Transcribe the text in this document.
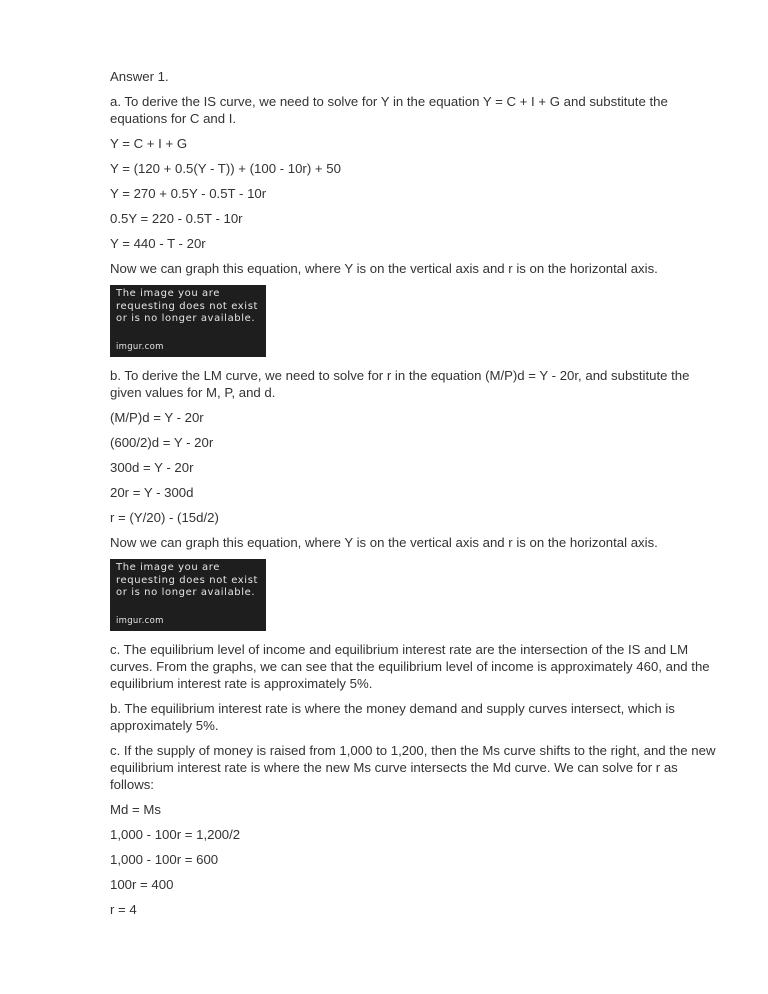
Answer 1.

a. To derive the IS curve, we need to solve for Y in the equation Y = C + I + G and substitute the equations for C and I.

Y = C + I + G

Y = (120 + 0.5(Y - T)) + (100 - 10r) + 50

Y = 270 + 0.5Y - 0.5T - 10r

0.5Y = 220 - 0.5T - 10r

Y = 440 - T - 20r

Now we can graph this equation, where Y is on the vertical axis and r is on the horizontal axis.

The image you are
requesting does not exist
or is no longer available.
imgur.com

b. To derive the LM curve, we need to solve for r in the equation (M/P)d = Y - 20r, and substitute the given values for M, P, and d.

(M/P)d = Y - 20r

(600/2)d = Y - 20r

300d = Y - 20r

20r = Y - 300d

r = (Y/20) - (15d/2)

Now we can graph this equation, where Y is on the vertical axis and r is on the horizontal axis.

The image you are
requesting does not exist
or is no longer available.
imgur.com

c. The equilibrium level of income and equilibrium interest rate are the intersection of the IS and LM curves. From the graphs, we can see that the equilibrium level of income is approximately 460, and the equilibrium interest rate is approximately 5%.

b. The equilibrium interest rate is where the money demand and supply curves intersect, which is approximately 5%.

c. If the supply of money is raised from 1,000 to 1,200, then the Ms curve shifts to the right, and the new equilibrium interest rate is where the new Ms curve intersects the Md curve. We can solve for r as follows:

Md = Ms

1,000 - 100r = 1,200/2

1,000 - 100r = 600

100r = 400

r = 4
